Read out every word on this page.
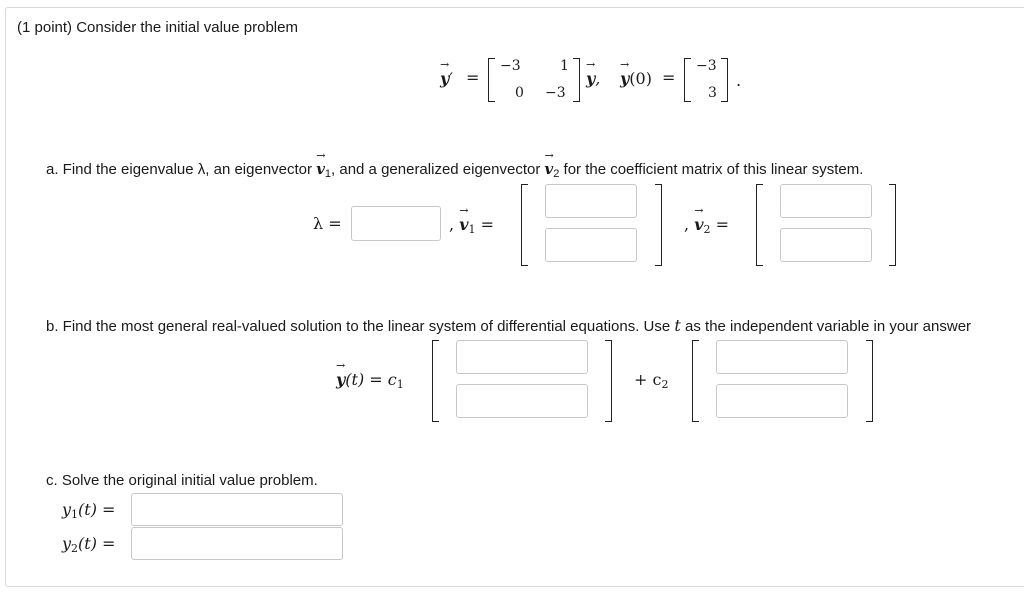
(1 point) Consider the initial value problem
→ y′ =
−3	1
0 −3
→ y, → y(0) =
−3
3
.
a. Find the eigenvalue λ, an eigenvector → $v_1$, and a generalized eigenvector → $v_2$ for the coefficient matrix of this linear system.
λ =	, → $v_1$ =	, → $v_2$ =
b. Find the most general real-valued solution to the linear system of differential equations. Use t as the independent variable in your answer
→ $y(t) = c_1$	+ $c_2$
c. Solve the original initial value problem.
$y_1(t)$ =
$y_2(t)$ =
